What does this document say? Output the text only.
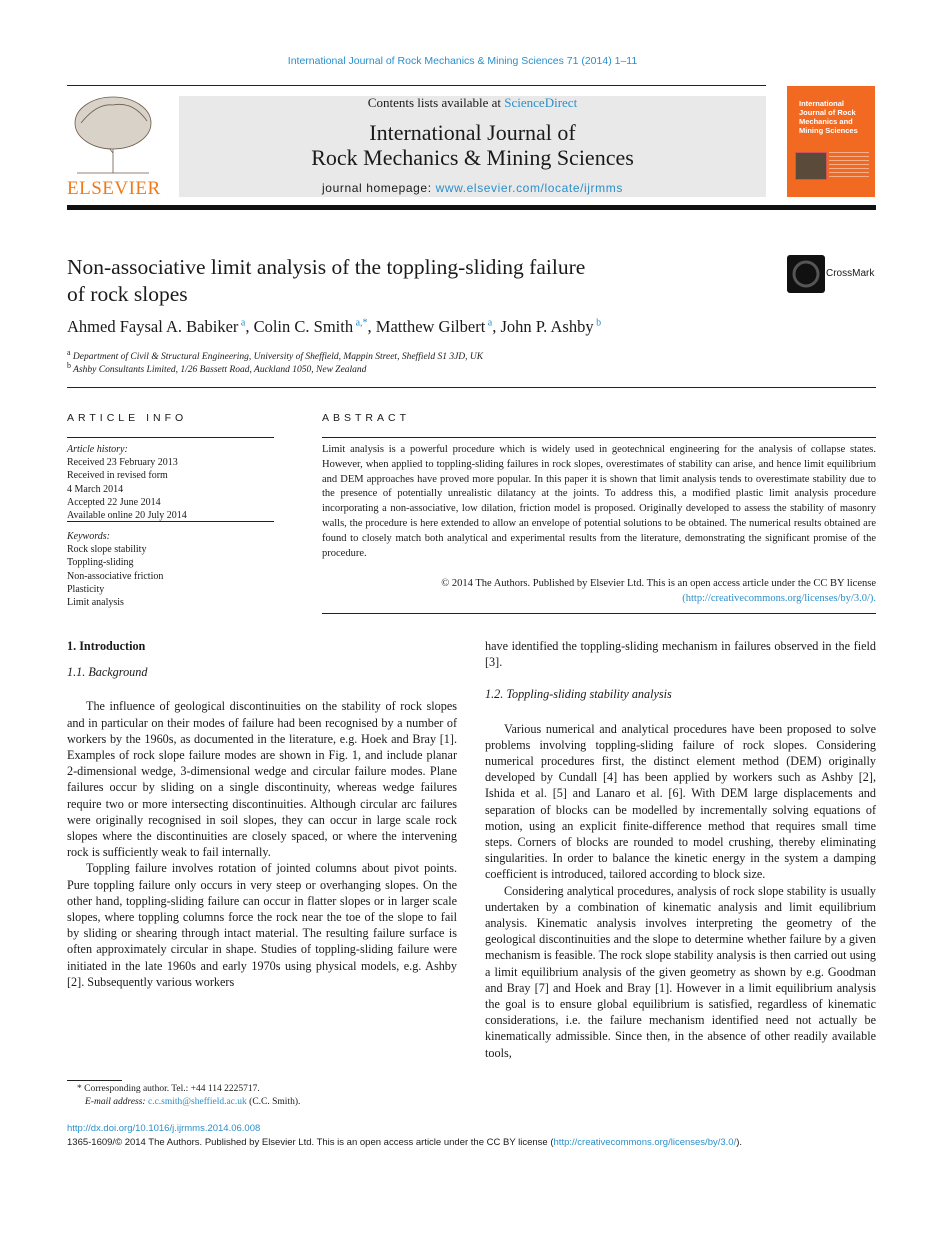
International Journal of Rock Mechanics & Mining Sciences 71 (2014) 1–11
ELSEVIER
Contents lists available at ScienceDirect
International Journal of
Rock Mechanics & Mining Sciences
journal homepage: www.elsevier.com/locate/ijrmms
International Journal of Rock Mechanics and Mining Sciences
Non-associative limit analysis of the toppling-sliding failure
of rock slopes
CrossMark
Ahmed Faysal A. Babiker $^a$, Colin C. Smith $^{a,*}$, Matthew Gilbert $^a$, John P. Ashby $^b$
$^a$ Department of Civil & Structural Engineering, University of Sheffield, Mappin Street, Sheffield S1 3JD, UK
$^b$ Ashby Consultants Limited, 1/26 Bassett Road, Auckland 1050, New Zealand
ARTICLE INFO	ABSTRACT
Article history:
Received 23 February 2013
Received in revised form
4 March 2014
Accepted 22 June 2014
Available online 20 July 2014
Keywords:
Rock slope stability
Toppling-sliding
Non-associative friction
Plasticity
Limit analysis
Limit analysis is a powerful procedure which is widely used in geotechnical engineering for the analysis of collapse states. However, when applied to toppling-sliding failures in rock slopes, overestimates of stability can arise, and hence limit equilibrium and DEM approaches have proved more popular. In this paper it is shown that limit analysis tends to overestimate stability due to the presence of potentially unrealistic dilatancy at the joints. To address this, a modified plastic limit analysis procedure incorporating a non-associative, low dilation, friction model is proposed. Originally developed to assess the stability of masonry walls, the procedure is here extended to allow an envelope of potential solutions to be obtained. The numerical results obtained are found to closely match both analytical and experimental results from the literature, demonstrating the significant promise of the procedure.
© 2014 The Authors. Published by Elsevier Ltd. This is an open access article under the CC BY license
(http://creativecommons.org/licenses/by/3.0/).
1. Introduction
1.1. Background

The influence of geological discontinuities on the stability of rock slopes and in particular on their modes of failure had been recognised by a number of workers by the 1960s, as documented in the literature, e.g. Hoek and Bray [1]. Examples of rock slope failure modes are shown in Fig. 1, and include planar 2-dimensional wedge, 3-dimensional wedge and circular failure modes. Plane failures occur by sliding on a single discontinuity, whereas wedge failures require two or more intersecting discontinuities. Although circular arc failures were originally recognised in soil slopes, they can occur in large scale rock slopes where the discontinuities are closely spaced, or where the intervening rock is sufficiently weak to fail internally.

Toppling failure involves rotation of jointed columns about pivot points. Pure toppling failure only occurs in very steep or overhanging slopes. On the other hand, toppling-sliding failure can occur in flatter slopes or in larger scale slopes, where toppling columns force the rock near the toe of the slope to fail by sliding or shearing through intact material. The resulting failure surface is often approximately circular in shape. Studies of toppling-sliding failure were initiated in the late 1960s and early 1970s using physical models, e.g. Ashby [2]. Subsequently various workers

have identified the toppling-sliding mechanism in failures observed in the field [3].

1.2. Toppling-sliding stability analysis

Various numerical and analytical procedures have been proposed to solve problems involving toppling-sliding failure of rock slopes. Considering numerical procedures first, the distinct element method (DEM) originally developed by Cundall [4] has been applied by workers such as Ashby [2], Ishida et al. [5] and Lanaro et al. [6]. With DEM large displacements and separation of blocks can be modelled by incrementally solving equations of motion, using an explicit finite-difference method that requires small time steps. Corners of blocks are rounded to model crushing, thereby eliminating singularities. In order to balance the kinetic energy in the system a damping coefficient is introduced, tailored according to block size.

Considering analytical procedures, analysis of rock slope stability is usually undertaken by a combination of kinematic analysis and limit equilibrium analysis. Kinematic analysis involves interpreting the geometry of the geological discontinuities and the slope to determine whether failure by a given mechanism is feasible. The rock slope stability analysis is then carried out using a limit equilibrium analysis of the given geometry as shown by e.g. Goodman and Bray [7] and Hoek and Bray [1]. However in a limit equilibrium analysis the goal is to ensure global equilibrium is satisfied, regardless of kinematic considerations, i.e. the failure mechanism identified need not actually be kinematically admissible. Since then, in the absence of other readily available tools,

* Corresponding author. Tel.: +44 114 2225717.
E-mail address: c.c.smith@sheffield.ac.uk (C.C. Smith).
http://dx.doi.org/10.1016/j.ijrmms.2014.06.008
1365-1609/© 2014 The Authors. Published by Elsevier Ltd. This is an open access article under the CC BY license (http://creativecommons.org/licenses/by/3.0/).
